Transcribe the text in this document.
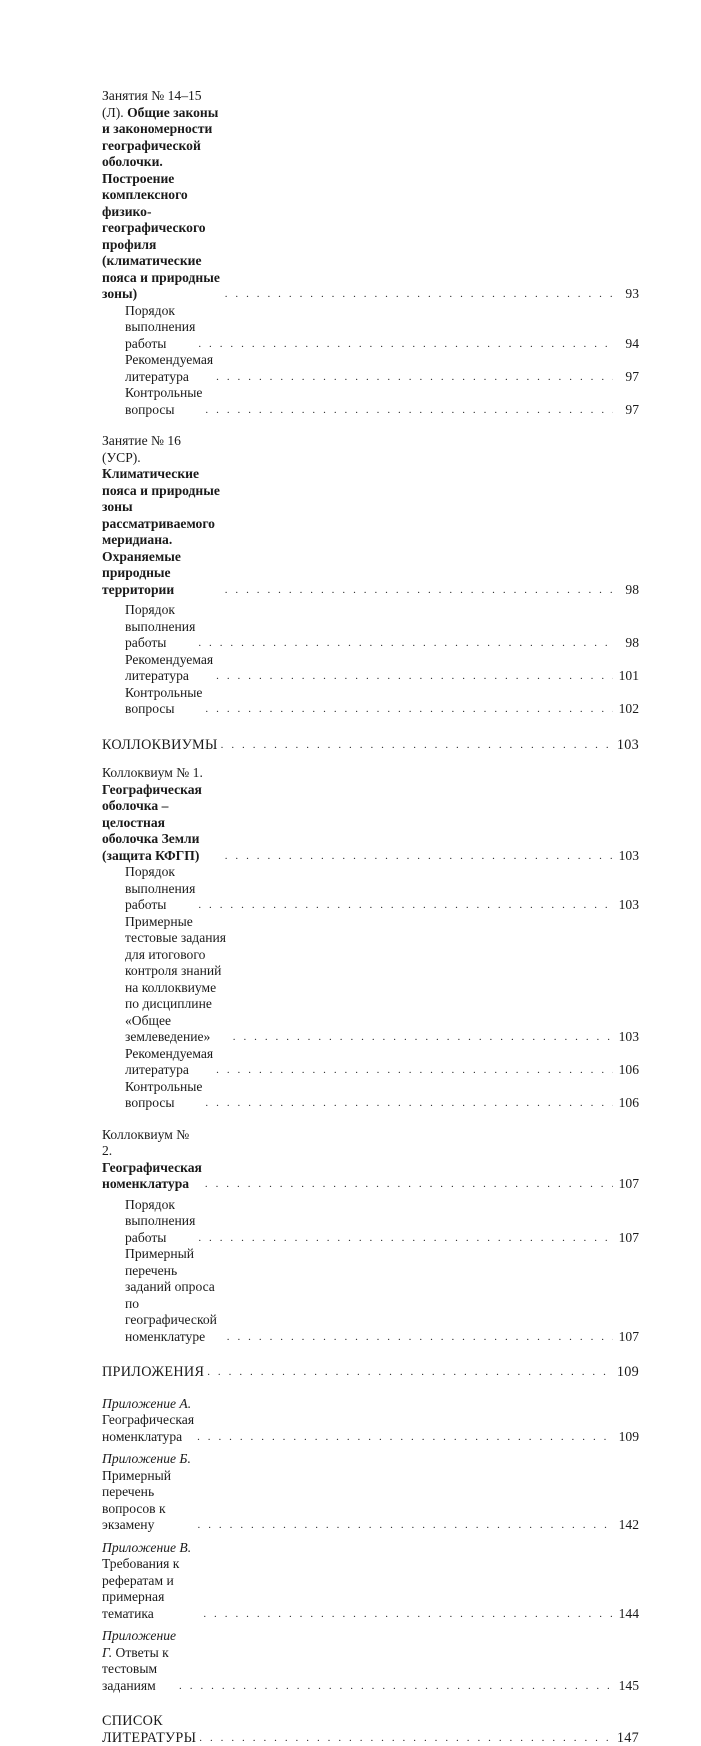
Занятия № 14–15 (Л). Общие законы и закономерности географической оболочки. Построение комплексного физико-географического профиля (климатические пояса и природные зоны) . . .	93
Порядок выполнения работы . . .	94
Рекомендуемая литература . . .	97
Контрольные вопросы . . .	97
Занятие № 16 (УСР). Климатические пояса и природные зоны рассматриваемого меридиана. Охраняемые природные территории . . .	98
Порядок выполнения работы . . .	98
Рекомендуемая литература . . .	101
Контрольные вопросы . . .	102
КОЛЛОКВИУМЫ . . .	103
Коллоквиум № 1. Географическая оболочка – целостная оболочка Земли (защита КФГП) . . .	103
Порядок выполнения работы . . .	103
Примерные тестовые задания для итогового контроля знаний на коллоквиуме по дисциплине «Общее землеведение» . . .	103
Рекомендуемая литература . . .	106
Контрольные вопросы . . .	106
Коллоквиум № 2. Географическая номенклатура . . .	107
Порядок выполнения работы . . .	107
Примерный перечень заданий опроса по географической номенклатуре . . .	107
ПРИЛОЖЕНИЯ . . .	109
Приложение А. Географическая номенклатура . . .	109
Приложение Б. Примерный перечень вопросов к экзамену . . .	142
Приложение В. Требования к рефератам и примерная тематика . . .	144
Приложение Г. Ответы к тестовым заданиям . . .	145
СПИСОК ЛИТЕРАТУРЫ . . .	147
